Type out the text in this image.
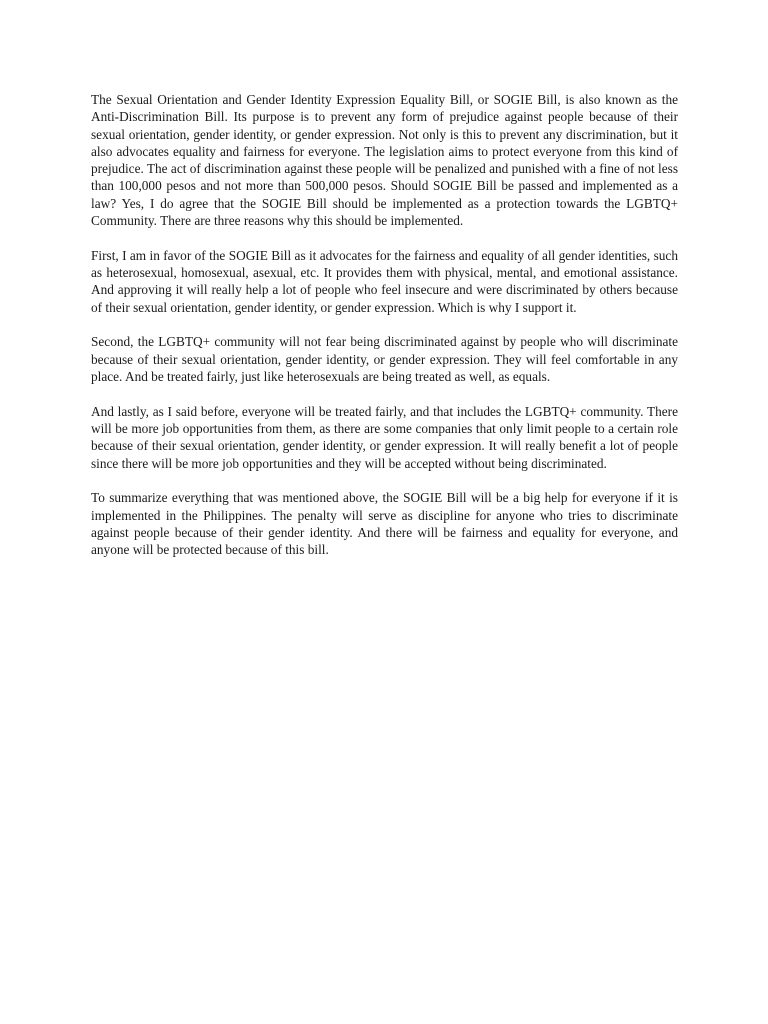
The Sexual Orientation and Gender Identity Expression Equality Bill, or SOGIE Bill, is also known as the Anti-Discrimination Bill. Its purpose is to prevent any form of prejudice against people because of their sexual orientation, gender identity, or gender expression. Not only is this to prevent any discrimination, but it also advocates equality and fairness for everyone. The legislation aims to protect everyone from this kind of prejudice. The act of discrimination against these people will be penalized and punished with a fine of not less than 100,000 pesos and not more than 500,000 pesos. Should SOGIE Bill be passed and implemented as a law? Yes, I do agree that the SOGIE Bill should be implemented as a protection towards the LGBTQ+ Community. There are three reasons why this should be implemented.

First, I am in favor of the SOGIE Bill as it advocates for the fairness and equality of all gender identities, such as heterosexual, homosexual, asexual, etc. It provides them with physical, mental, and emotional assistance. And approving it will really help a lot of people who feel insecure and were discriminated by others because of their sexual orientation, gender identity, or gender expression. Which is why I support it.

Second, the LGBTQ+ community will not fear being discriminated against by people who will discriminate because of their sexual orientation, gender identity, or gender expression. They will feel comfortable in any place. And be treated fairly, just like heterosexuals are being treated as well, as equals.

And lastly, as I said before, everyone will be treated fairly, and that includes the LGBTQ+ community. There will be more job opportunities from them, as there are some companies that only limit people to a certain role because of their sexual orientation, gender identity, or gender expression. It will really benefit a lot of people since there will be more job opportunities and they will be accepted without being discriminated.

To summarize everything that was mentioned above, the SOGIE Bill will be a big help for everyone if it is implemented in the Philippines. The penalty will serve as discipline for anyone who tries to discriminate against people because of their gender identity. And there will be fairness and equality for everyone, and anyone will be protected because of this bill.
